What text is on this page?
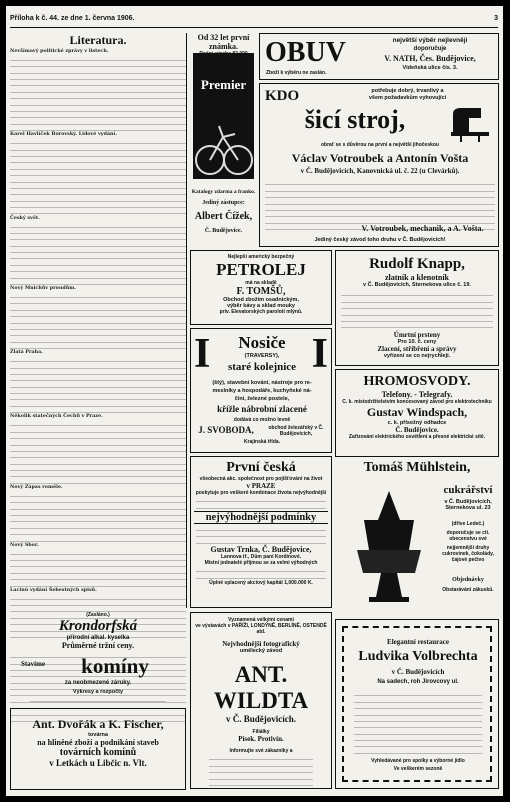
Příloha k č. 44. ze dne 1. června 1906.	3
Literatura.
Nevšímavý politické zprávy v listech.
Karel Havlíček Borovský. Lidové vydání.
Český svět.
Nový Mnichův proudům.
Zlatá Praha.
Několik statečných Čechů v Praze.
Nový Zápas roměle.
Nový Sbor.
Lacinú vydání Šebestných spisů.
Průměrné tržní ceny.
Od 32 let první známka.
Premier
Katalogy zdarma a franko.
Jediný zástupce:
Albert Čížek,
Č. Budějovice.
OBUV	největší výběr nejlevněji
doporučuje
V. NATH, Čes. Budějovice,
Vídeňská ulice čís. 3.
Zboží k výběru ne zaslán.
KDO	potřebuje dobrý, trvanlivý a
všem požadavkům vyhovující
šicí stroj,
obrať se s důvěrou na první a největší jihočeskou
Václav Votroubek a Antonín Vošta
v Č. Budějovicích, Kanovnická ul. č. 22 (u Clevárků).
V. Votroubek, mechanik, a A. Vošta.
Jediný český závod toho druhu v Č. Budějovicích!
Nejlepší americký bezpečný
PETROLEJ
má na skladě
F. TOMŠŮ,
Obchod zbožím osadnickým,
výběr kávy a sklad mouky
priv. Elevatorských paroloti mlýnů.
Rudolf Knapp,
zlatník a klenotník
v Č. Budějovicích, Sternekova ulice č. 19.
Úmrtní prsteny
Pro 10. č. ceny
Zlacení, stříbření a správy
vyřízení se co nejrychleji.
I I
Nosiče
(TRAVERSY),
staré kolejnice
(štý), stavební kování, nástroje pro re-
meslníky a hospodáře, kuchyňské ná-
čini, železné postele,
křížle nábrobní zlacené
dodává co možno levně
J. SVOBODA,	obchod železářský v Č. Budějovicích,
Krajinská třída.
HROMOSVODY.
Telefony. - Telegrafy.
C. k. místodržitelstvím koncesovaný závod pro elektrotechniku
Gustav Windspach,
c. k. přísežný odhadce
Č. Budějovice.
Zařizování elektrického osvětlení a přesné elektrické sítě.
První česká
všeobecná akc. společnost pro pojišťování na život
v PRAZE
poskytuje pro veškeré kombinace života nejvýhodnější
nejvýhodnější podmínky
Gustav Trnka, Č. Budějovice,
Lannova tř., Dům paní Kordinové.
Místní jednatelé přijmou se za velmi výhodných
Úplné splacený akciový kapitál 1,000.000 K.
Tomáš Mühlstein,
cukrářství
v Č. Budějovicích, Sternekova ul. 23
(dříve Ledeč.)
doporučuje se cti. obecenstvu své
nejjemnější druhy cukrovinek, čokolády, čajové pečivo
Objednávky
Obstarávání zákusků.
(Zasláno.)
Krondorfská
přírodní alkal. kyselka
Stavíme	komíny
za neobmezené záruky.
Výkresy a rozpočty
Ant. Dvořák a K. Fischer,
továrna
na hliněné zboží a podnikání staveb
továrních komínů
v Letkách u Libčic n. Vlt.
Vyznamená velkými cenami
ve výstavách v PAŘÍŽI, LONDÝNĚ, BERLÍNĚ, OSTENDĚ atd.
Nejvhodnější fotografický
umělecký závod
ANT. WILDTA
v Č. Budějovicích.
Filiálky
Písek. Protivín.
Informujte své zákazníky a
Elegantní restaurace
Ludvika Volbrechta
v Č. Budějovicích
Na sadech, roh Jirovcovy ul.
Vyhledávané pro spolky a výborné jídlo
Ve veškerém sezoně
